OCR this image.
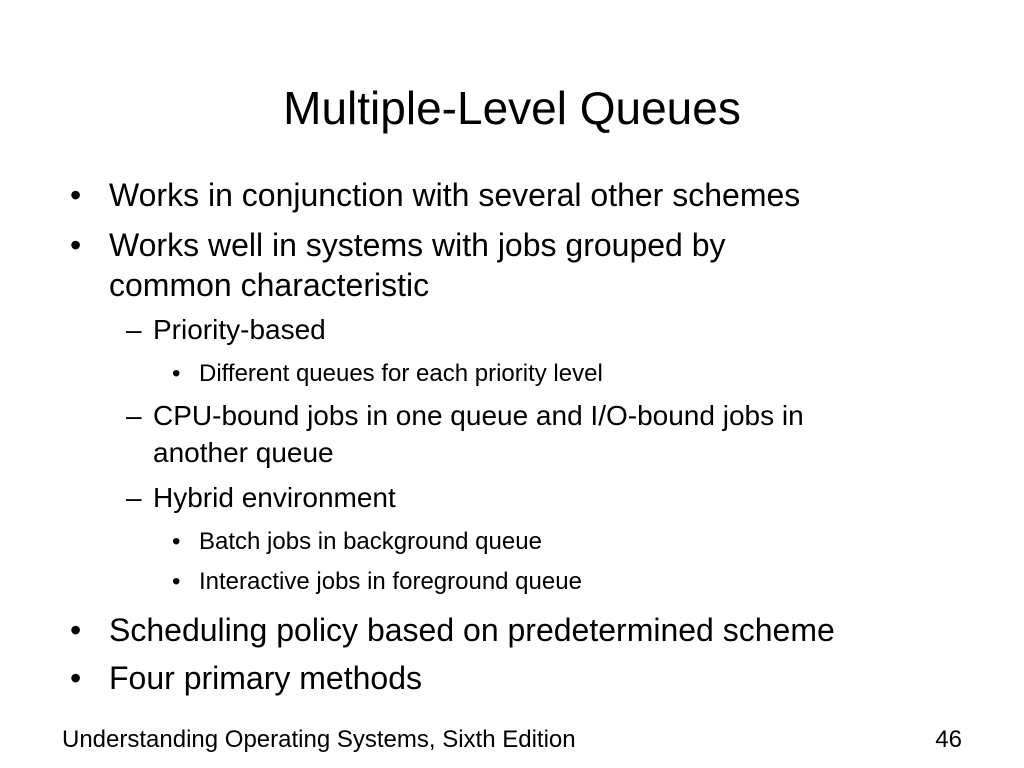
Multiple-Level Queues
• Works in conjunction with several other schemes
• Works well in systems with jobs grouped by
common characteristic
– Priority-based
• Different queues for each priority level
– CPU-bound jobs in one queue and I/O-bound jobs in
another queue
– Hybrid environment
• Batch jobs in background queue
• Interactive jobs in foreground queue
• Scheduling policy based on predetermined scheme
• Four primary methods
Understanding Operating Systems, Sixth Edition	46
